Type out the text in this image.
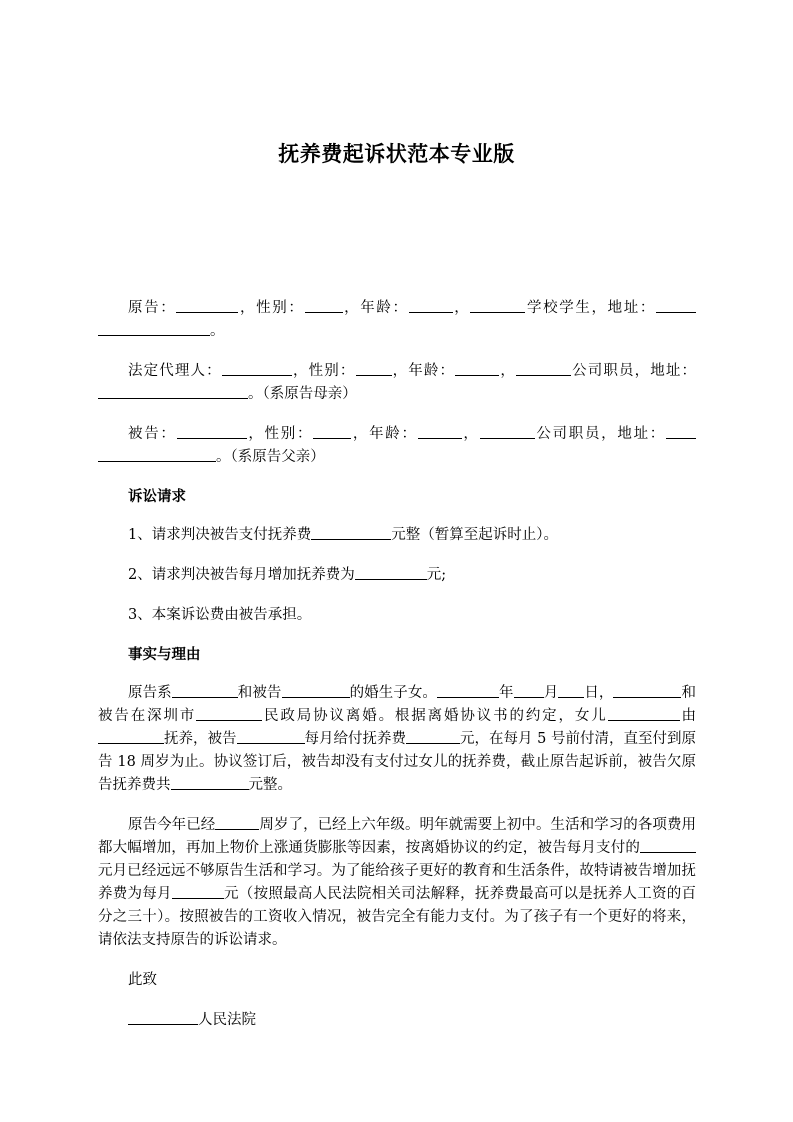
抚养费起诉状范本专业版

原告：	，性别：	，年龄：	，	学校学生，地址：。

法定代理人：	，性别： ，年龄：	，	公司职员，地址：。（系原告母亲）

被告：	，性别：	，年龄：	，	公司职员，地址：。（系原告父亲）

诉讼请求

1、请求判决被告支付抚养费	元整（暂算至起诉时止）。

2、请求判决被告每月增加抚养费为	元;

3、本案诉讼费由被告承担。

事实与理由

原告系	和被告	的婚生子女。	年 月 日，	和被告在深圳市	民政局协议离婚。根据离婚协议书的约定，女儿	由抚养，被告	每月给付抚养费	元，在每月 5 号前付清，直至付到原告 18 周岁为止。协议签订后，被告却没有支付过女儿的抚养费，截止原告起诉前，被告欠原告抚养费共	元整。

原告今年已经	周岁了，已经上六年级。明年就需要上初中。生活和学习的各项费用都大幅增加，再加上物价上涨通货膨胀等因素，按离婚协议的约定，被告每月支付的元月已经远远不够原告生活和学习。为了能给孩子更好的教育和生活条件，故特请被告增加抚养费为每月	元（按照最高人民法院相关司法解释，抚养费最高可以是抚养人工资的百分之三十）。按照被告的工资收入情况，被告完全有能力支付。为了孩子有一个更好的将来，请依法支持原告的诉讼请求。

此致

人民法院
